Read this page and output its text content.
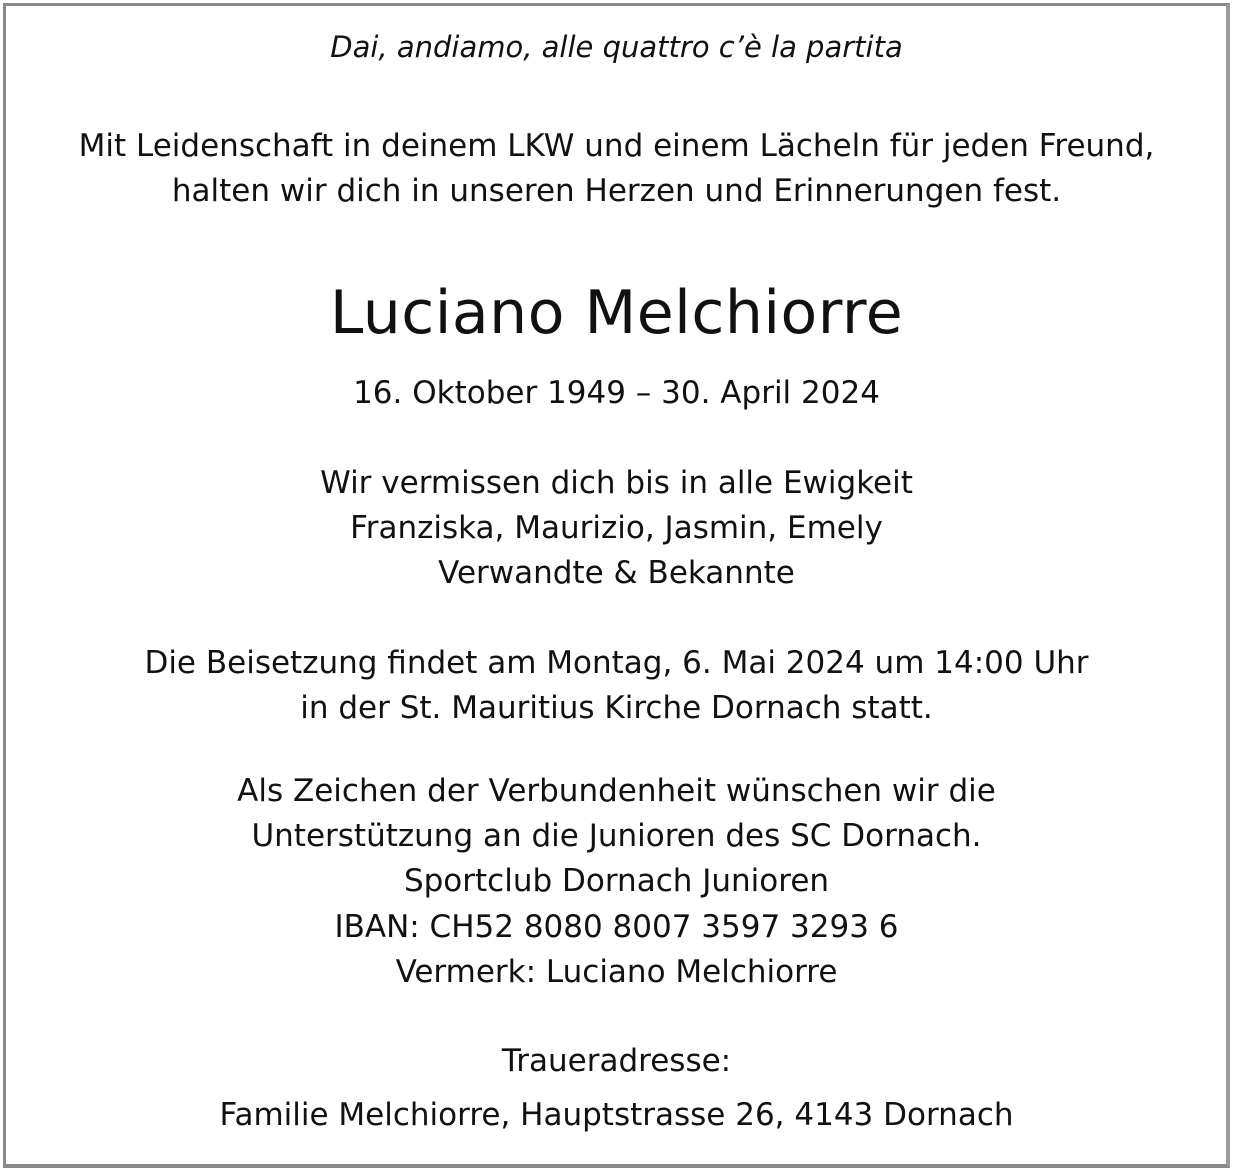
Dai, andiamo, alle quattro c’è la partita
Mit Leidenschaft in deinem LKW und einem Lächeln für jeden Freund,
halten wir dich in unseren Herzen und Erinnerungen fest.
Luciano Melchiorre
16. Oktober 1949 – 30. April 2024
Wir vermissen dich bis in alle Ewigkeit
Franziska, Maurizio, Jasmin, Emely
Verwandte & Bekannte
Die Beisetzung findet am Montag, 6. Mai 2024 um 14:00 Uhr
in der St. Mauritius Kirche Dornach statt.
Als Zeichen der Verbundenheit wünschen wir die
Unterstützung an die Junioren des SC Dornach.
Sportclub Dornach Junioren
IBAN: CH52 8080 8007 3597 3293 6
Vermerk: Luciano Melchiorre
Traueradresse:
Familie Melchiorre, Hauptstrasse 26, 4143 Dornach
